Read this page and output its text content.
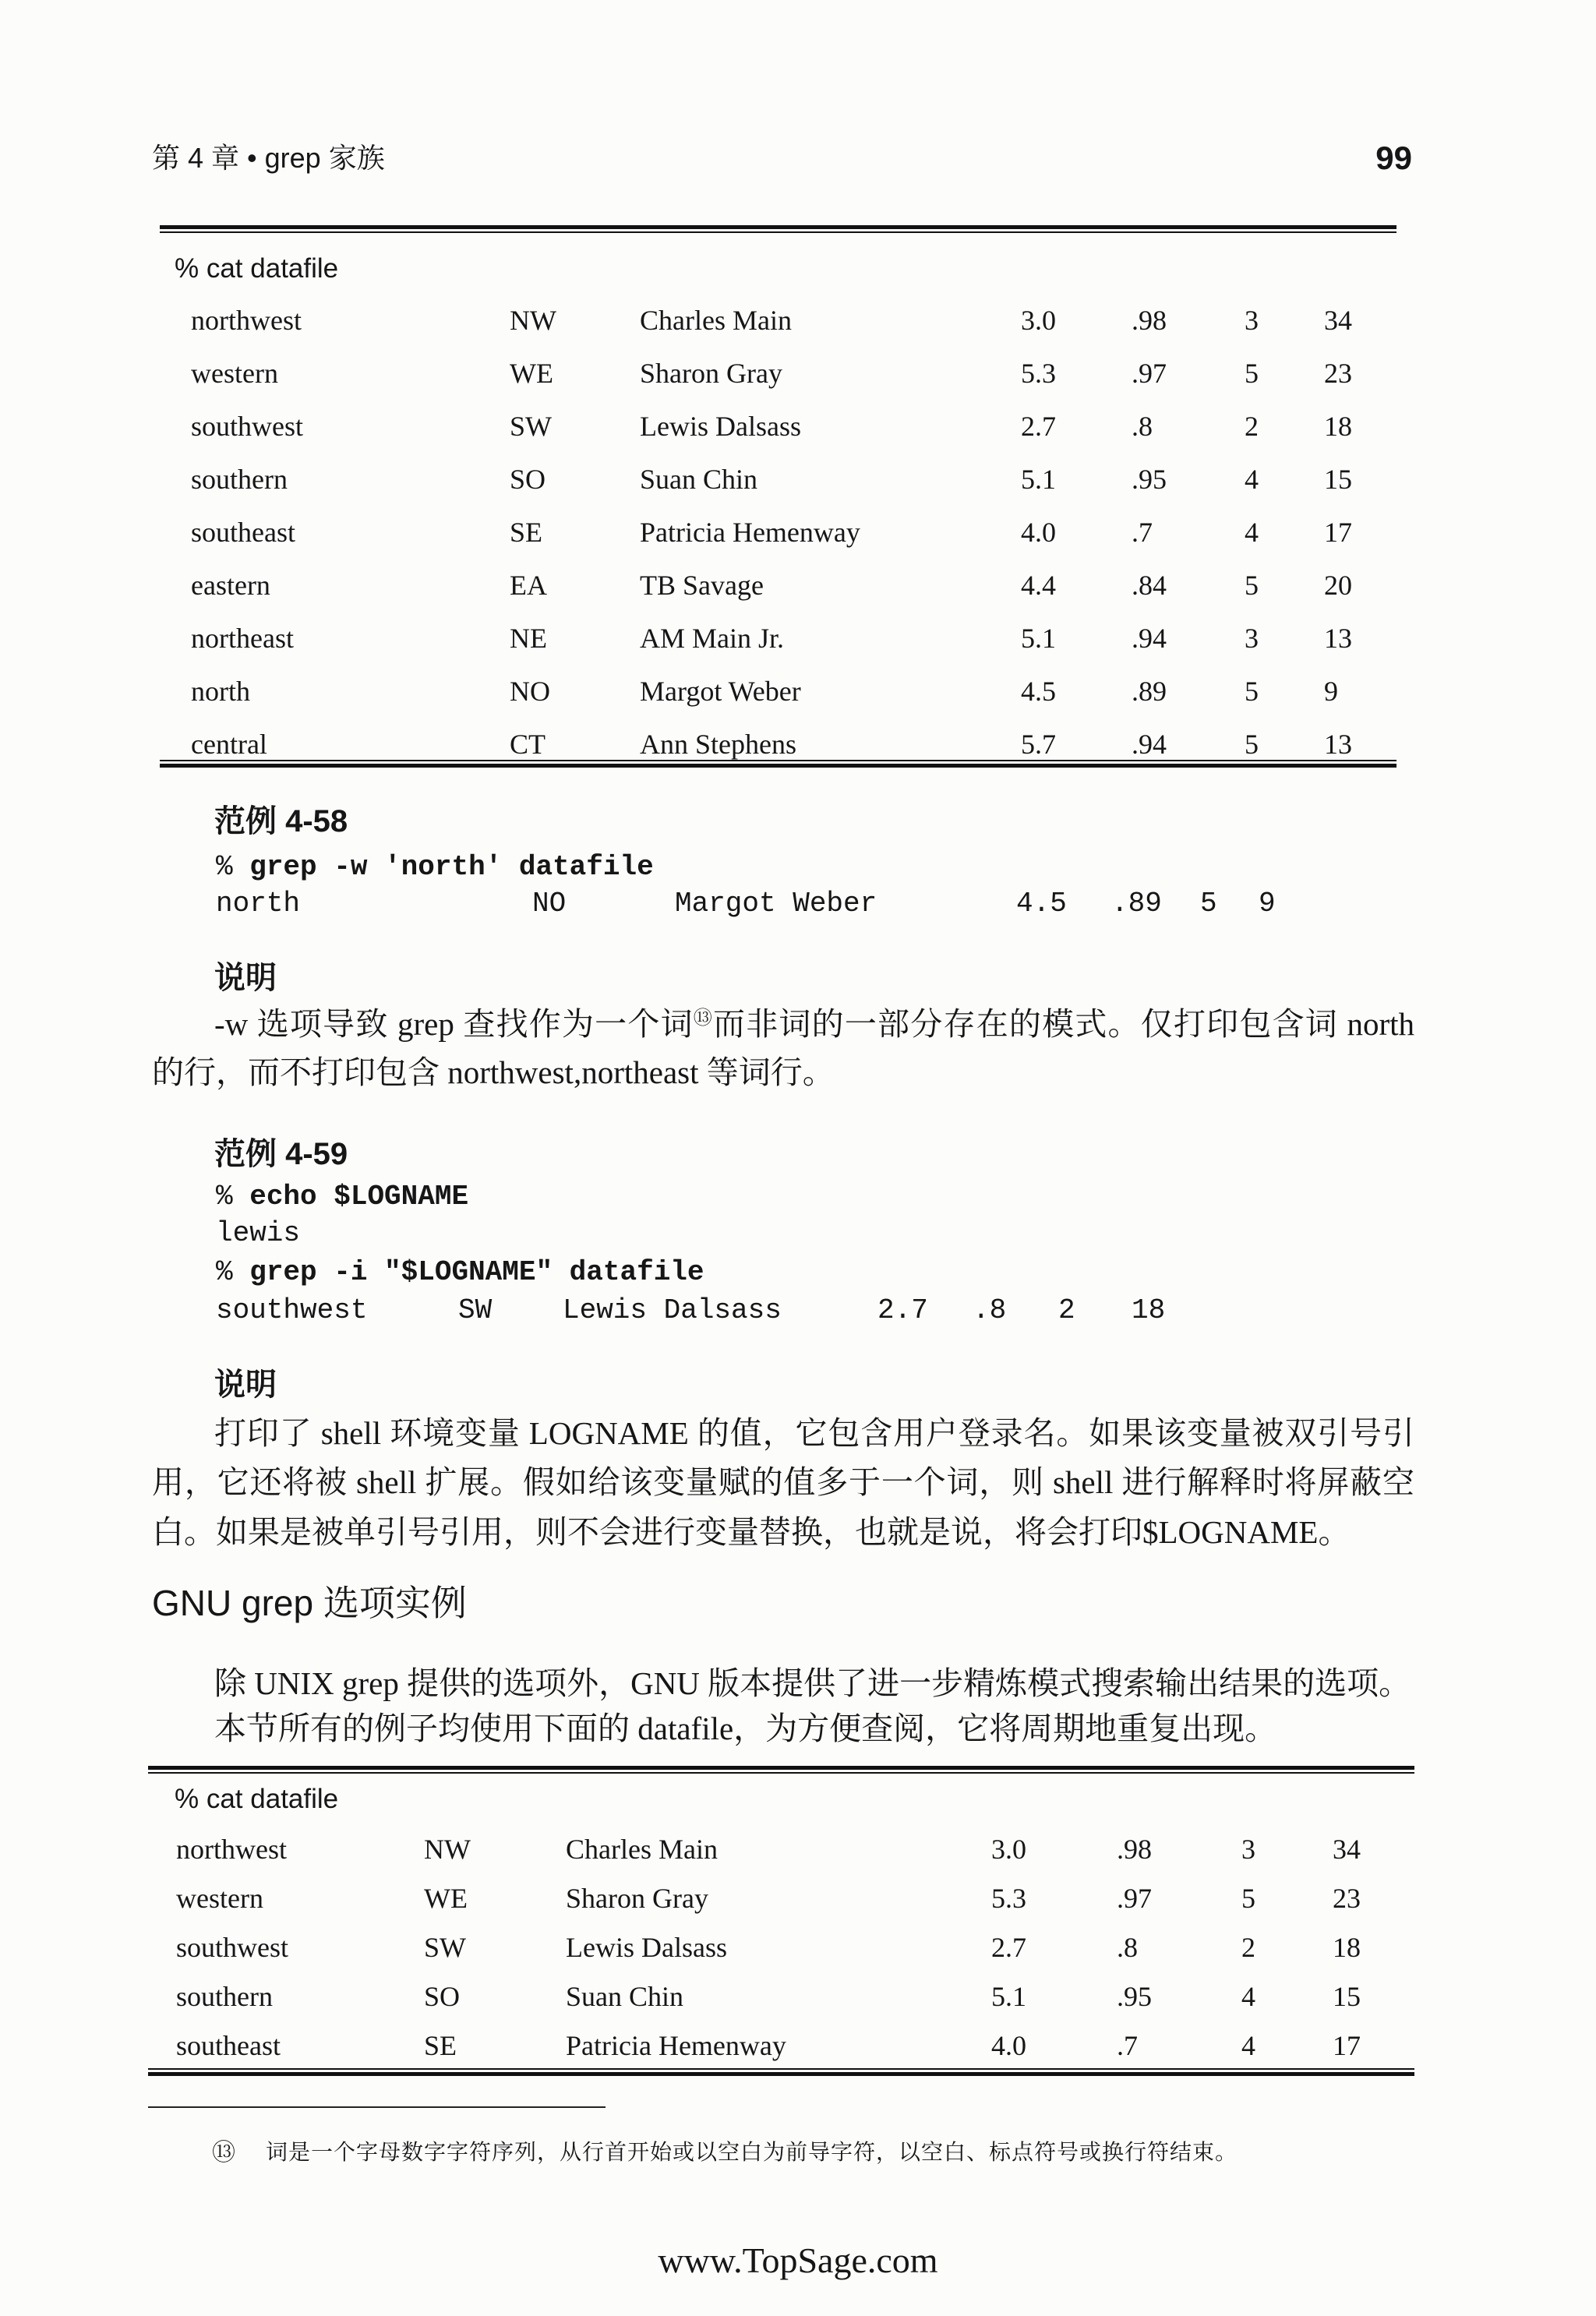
第 4 章 • grep 家族	99
% cat datafile
northwest	NW	Charles Main	3.0	.98	3 34
western	WE	Sharon Gray	5.3	.97	5 23
southwest	SW	Lewis Dalsass	2.7	.8	2 18
southern	SO	Suan Chin	5.1	.95	4 15
southeast	SE	Patricia Hemenway	4.0	.7	4 17
eastern	EA	TB Savage	4.4	.84	5 20
northeast	NE	AM Main Jr.	5.1	.94	3 13
north	NO	Margot Weber	4.5	.89	5 9
central	CT	Ann Stephens	5.7	.94	5 13
范例 4-58
% grep -w 'north' datafile
north	NO	Margot Weber	4.5 .89 5 9
说明
-w 选项导致 grep 查找作为一个词⑬而非词的一部分存在的模式。仅打印包含词 north
的行，而不打印包含 northwest,northeast 等词行。
范例 4-59
% echo $LOGNAME
lewis
% grep -i "$LOGNAME" datafile
southwest	SW	Lewis Dalsass	2.7 .8 2 18
说明
打印了 shell 环境变量 LOGNAME 的值，它包含用户登录名。如果该变量被双引号引
用，它还将被 shell 扩展。假如给该变量赋的值多于一个词，则 shell 进行解释时将屏蔽空
白。如果是被单引号引用，则不会进行变量替换，也就是说，将会打印$LOGNAME。
GNU grep 选项实例
除 UNIX grep 提供的选项外，GNU 版本提供了进一步精炼模式搜索输出结果的选项。
本节所有的例子均使用下面的 datafile，为方便查阅，它将周期地重复出现。
% cat datafile
northwest	NW	Charles Main	3.0	.98	3	34
western	WE	Sharon Gray	5.3	.97	5	23
southwest	SW	Lewis Dalsass	2.7	.8	2	18
southern	SO	Suan Chin	5.1	.95	4	15
southeast	SE	Patricia Hemenway	4.0	.7	4	17
⑬ 词是一个字母数字字符序列，从行首开始或以空白为前导字符，以空白、标点符号或换行符结束。
www.TopSage.com
